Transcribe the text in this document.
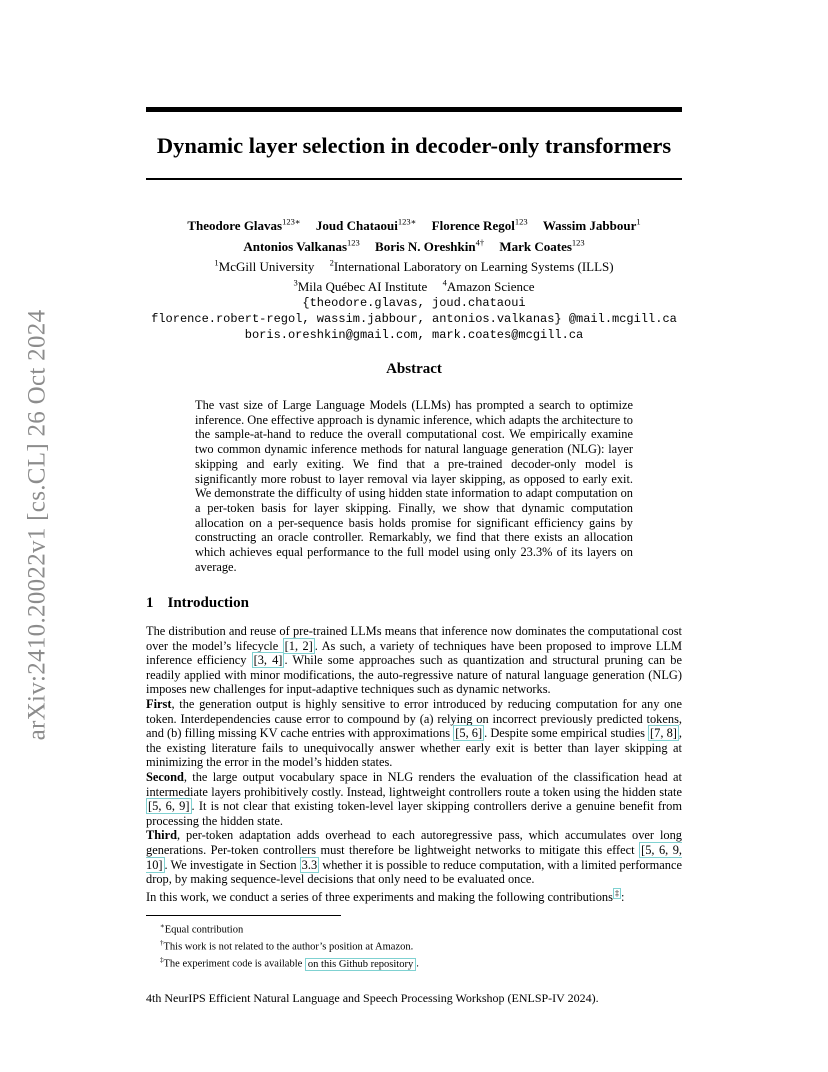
arXiv:2410.20022v1 [cs.CL] 26 Oct 2024
Dynamic layer selection in decoder-only transformers
Theodore Glavas$^{123∗}$ Joud Chataoui$^{123∗}$ Florence Regol$^{123}$ Wassim Jabbour$^1$
Antonios Valkanas$^{123}$ Boris N. Oreshkin$^{4\dagger}$ Mark Coates$^{123}$
$^1$McGill University $^2$International Laboratory on Learning Systems (ILLS)
$^3$Mila Québec AI Institute $^4$Amazon Science
{theodore.glavas, joud.chataoui
florence.robert-regol, wassim.jabbour, antonios.valkanas} @mail.mcgill.ca
boris.oreshkin@gmail.com, mark.coates@mcgill.ca
Abstract

The vast size of Large Language Models (LLMs) has prompted a search to optimize inference. One effective approach is dynamic inference, which adapts the architecture to the sample-at-hand to reduce the overall computational cost. We empirically examine two common dynamic inference methods for natural language generation (NLG): layer skipping and early exiting. We find that a pre-trained decoder-only model is significantly more robust to layer removal via layer skipping, as opposed to early exit. We demonstrate the difficulty of using hidden state information to adapt computation on a per-token basis for layer skipping. Finally, we show that dynamic computation allocation on a per-sequence basis holds promise for significant efficiency gains by constructing an oracle controller. Remarkably, we find that there exists an allocation which achieves equal performance to the full model using only 23.3% of its layers on average.

1 Introduction

The distribution and reuse of pre-trained LLMs means that inference now dominates the computational cost over the model’s lifecycle [1, 2] . As such, a variety of techniques have been proposed to improve LLM inference efficiency [3, 4] . While some approaches such as quantization and structural pruning can be readily applied with minor modifications, the auto-regressive nature of natural language generation (NLG) imposes new challenges for input-adaptive techniques such as dynamic networks.

First, the generation output is highly sensitive to error introduced by reducing computation for any one token. Interdependencies cause error to compound by (a) relying on incorrect previously predicted tokens, and (b) filling missing KV cache entries with approximations [5, 6] . Despite some empirical studies [7, 8] , the existing literature fails to unequivocally answer whether early exit is better than layer skipping at minimizing the error in the model’s hidden states.

Second, the large output vocabulary space in NLG renders the evaluation of the classification head at intermediate layers prohibitively costly. Instead, lightweight controllers route a token using the hidden state [5, 6, 9] . It is not clear that existing token-level layer skipping controllers derive a genuine benefit from processing the hidden state.

Third, per-token adaptation adds overhead to each autoregressive pass, which accumulates over long generations. Per-token controllers must therefore be lightweight networks to mitigate this effect [5, 6, 9, 10] . We investigate in Section 3.3 whether it is possible to reduce computation, with a limited performance drop, by making sequence-level decisions that only need to be evaluated once.

In this work, we conduct a series of three experiments and making the following contributions ‡ :

∗Equal contribution
†This work is not related to the author’s position at Amazon.
‡The experiment code is available on this Github repository .
4th NeurIPS Efficient Natural Language and Speech Processing Workshop (ENLSP-IV 2024).
